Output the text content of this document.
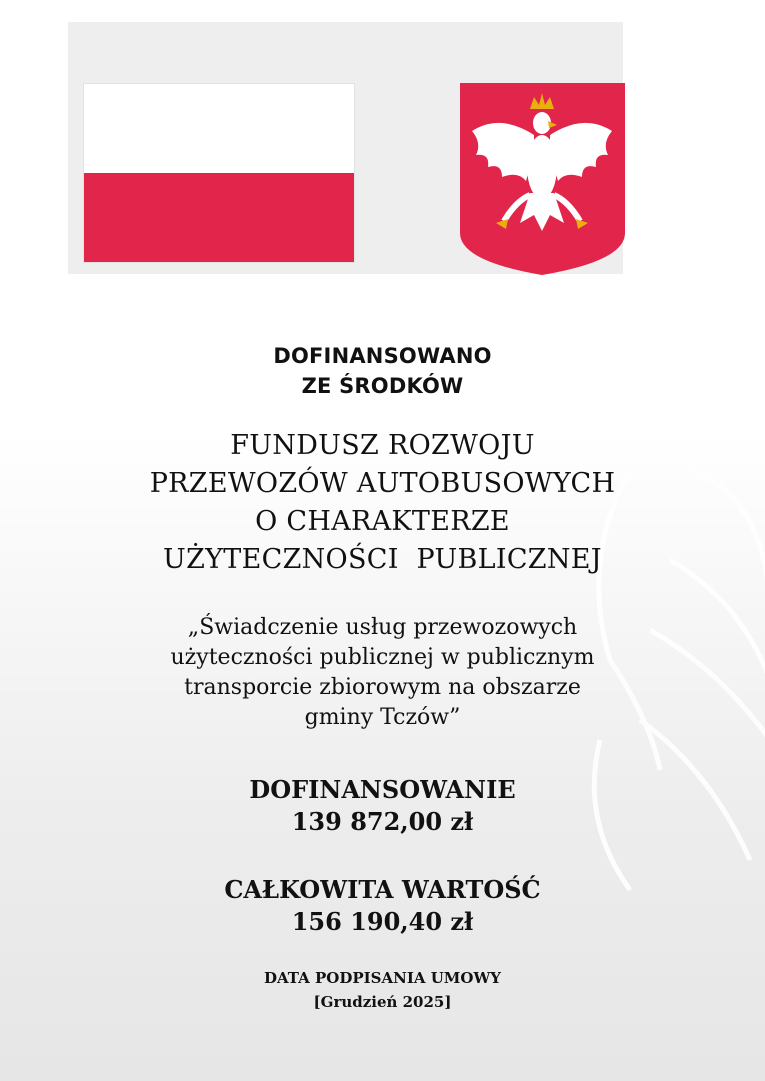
DOFINANSOWANO
ZE ŚRODKÓW
FUNDUSZ ROZWOJU
PRZEWOZÓW AUTOBUSOWYCH
O CHARAKTERZE
UŻYTECZNOŚCI  PUBLICZNEJ
„Świadczenie usług przewozowych
użyteczności publicznej w publicznym
transporcie zbiorowym na obszarze
gminy Tczów”
DOFINANSOWANIE
139 872,00 zł
CAŁKOWITA WARTOŚĆ
156 190,40 zł
DATA PODPISANIA UMOWY
[Grudzień 2025]
